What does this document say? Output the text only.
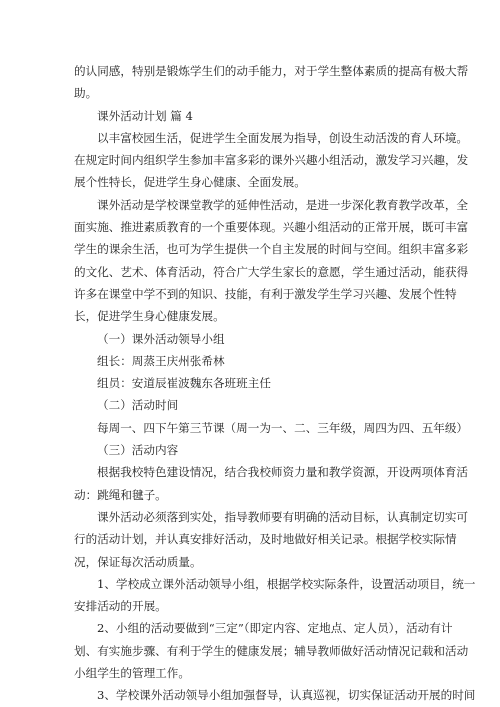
的认同感，特别是锻炼学生们的动手能力，对于学生整体素质的提高有极大帮
助。
课外活动计划 篇 4
以丰富校园生活，促进学生全面发展为指导，创设生动活泼的育人环境。
在规定时间内组织学生参加丰富多彩的课外兴趣小组活动，激发学习兴趣，发
展个性特长，促进学生身心健康、全面发展。
课外活动是学校课堂教学的延伸性活动，是进一步深化教育教学改革，全
面实施、推进素质教育的一个重要体现。兴趣小组活动的正常开展，既可丰富
学生的课余生活，也可为学生提供一个自主发展的时间与空间。组织丰富多彩
的文化、艺术、体育活动，符合广大学生家长的意愿，学生通过活动，能获得
许多在课堂中学不到的知识、技能，有利于激发学生学习兴趣、发展个性特
长，促进学生身心健康发展。
（一）课外活动领导小组
组长：周蒸王庆州张希林
组员：安道辰崔波魏东各班班主任
（二）活动时间
每周一、四下午第三节课（周一为一、二、三年级，周四为四、五年级）
（三）活动内容
根据我校特色建设情况，结合我校师资力量和教学资源，开设两项体育活
动：跳绳和毽子。
课外活动必须落到实处，指导教师要有明确的活动目标，认真制定切实可
行的活动计划，并认真安排好活动，及时地做好相关记录。根据学校实际情
况，保证每次活动质量。
1、学校成立课外活动领导小组，根据学校实际条件，设置活动项目，统一
安排活动的开展。
2、小组的活动要做到“三定”（即定内容、定地点、定人员），活动有计
划、有实施步骤、有利于学生的健康发展；辅导教师做好活动情况记载和活动
小组学生的管理工作。
3、学校课外活动领导小组加强督导，认真巡视，切实保证活动开展的时间
